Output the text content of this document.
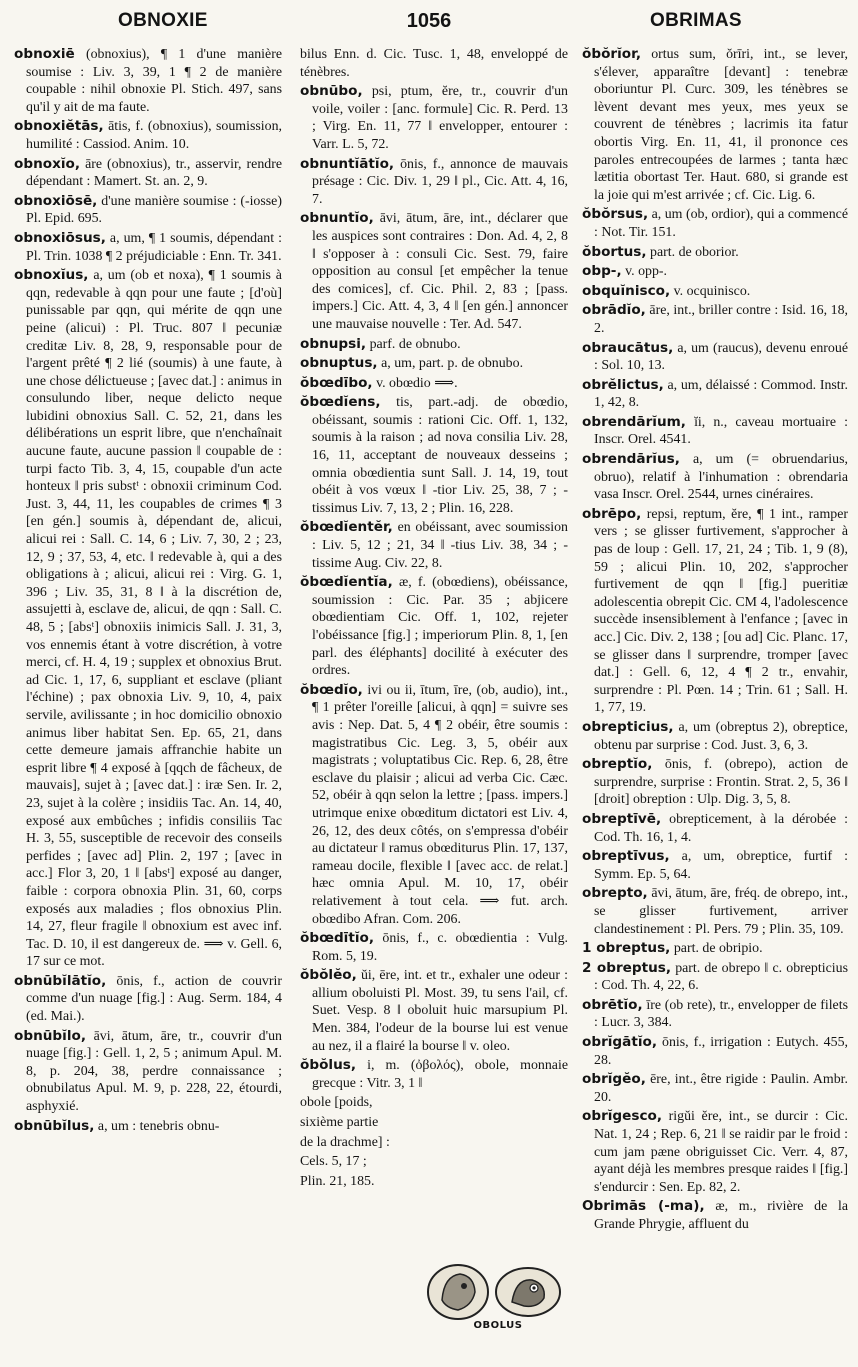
OBNOXIE	1056	OBRIMAS
obnoxiē (obnoxius), ¶ 1 d'une manière soumise : Liv. 3, 39, 1 ¶ 2 de manière coupable : nihil obnoxie Pl. Stich. 497, sans qu'il y ait de ma faute.
obnoxiĕtās, ātis, f. (obnoxius), soumission, humilité : Cassiod. Anim. 10.
obnoxĭo, āre (obnoxius), tr., asservir, rendre dépendant : Mamert. St. an. 2, 9.
obnoxiōsē, d'une manière soumise : (-iosse) Pl. Epid. 695.
obnoxiōsus, a, um, ¶ 1 soumis, dépendant : Pl. Trin. 1038 ¶ 2 préjudiciable : Enn. Tr. 341.
obnoxĭus, a, um (ob et noxa), ¶ 1 soumis à qqn, redevable à qqn pour une faute ; [d'où] punissable par qqn, qui mérite de qqn une peine (alicui) : Pl. Truc. 807 ‖ pecuniæ creditæ Liv. 8, 28, 9, responsable pour de l'argent prêté ¶ 2 lié (soumis) à une faute, à une chose délictueuse ; [avec dat.] : animus in consulundo liber, neque delicto neque lubidini obnoxius Sall. C. 52, 21, dans les délibérations un esprit libre, que n'enchaînait aucune faute, aucune passion ‖ coupable de : turpi facto Tib. 3, 4, 15, coupable d'un acte honteux ‖ pris substᵗ : obnoxii criminum Cod. Just. 3, 44, 11, les coupables de crimes ¶ 3 [en gén.] soumis à, dépendant de, alicui, alicui rei : Sall. C. 14, 6 ; Liv. 7, 30, 2 ; 23, 12, 9 ; 37, 53, 4, etc. ‖ redevable à, qui a des obligations à ; alicui, alicui rei : Virg. G. 1, 396 ; Liv. 35, 31, 8 ‖ à la discrétion de, assujetti à, esclave de, alicui, de qqn : Sall. C. 48, 5 ; [absᵗ] obnoxiis inimicis Sall. J. 31, 3, vos ennemis étant à votre discrétion, à votre merci, cf. H. 4, 19 ; supplex et obnoxius Brut. ad Cic. 1, 17, 6, suppliant et esclave (pliant l'échine) ; pax obnoxia Liv. 9, 10, 4, paix servile, avilissante ; in hoc domicilio obnoxio animus liber habitat Sen. Ep. 65, 21, dans cette demeure jamais affranchie habite un esprit libre ¶ 4 exposé à [qqch de fâcheux, de mauvais], sujet à ; [avec dat.] : iræ Sen. Ir. 2, 23, sujet à la colère ; insidiis Tac. An. 14, 40, exposé aux embûches ; infidis consiliis Tac H. 3, 55, susceptible de recevoir des conseils perfides ; [avec ad] Plin. 2, 197 ; [avec in acc.] Flor 3, 20, 1 ‖ [absᵗ] exposé au danger, faible : corpora obnoxia Plin. 31, 60, corps exposés aux maladies ; flos obnoxius Plin. 14, 27, fleur fragile ‖ obnoxium est avec inf. Tac. D. 10, il est dangereux de. ⟹ v. Gell. 6, 17 sur ce mot.
obnūbĭlātĭo, ōnis, f., action de couvrir comme d'un nuage [fig.] : Aug. Serm. 184, 4 (ed. Mai.).
obnūbĭlo, āvi, ātum, āre, tr., couvrir d'un nuage [fig.] : Gell. 1, 2, 5 ; animum Apul. M. 8, p. 204, 38, perdre connaissance ; obnubilatus Apul. M. 9, p. 228, 22, étourdi, asphyxié.
obnūbĭlus, a, um : tenebris obnu-
bilus Enn. d. Cic. Tusc. 1, 48, enveloppé de ténèbres.
obnūbo, psi, ptum, ĕre, tr., couvrir d'un voile, voiler : [anc. formule] Cic. R. Perd. 13 ; Virg. En. 11, 77 ‖ envelopper, entourer : Varr. L. 5, 72.
obnuntĭātĭo, ōnis, f., annonce de mauvais présage : Cic. Div. 1, 29 ‖ pl., Cic. Att. 4, 16, 7.
obnuntĭo, āvi, ātum, āre, int., déclarer que les auspices sont contraires : Don. Ad. 4, 2, 8 ‖ s'opposer à : consuli Cic. Sest. 79, faire opposition au consul [et empêcher la tenue des comices], cf. Cic. Phil. 2, 83 ; [pass. impers.] Cic. Att. 4, 3, 4 ‖ [en gén.] annoncer une mauvaise nouvelle : Ter. Ad. 547.
obnupsi, parf. de obnubo.
obnuptus, a, um, part. p. de obnubo.
ŏbœdībo, v. obœdio ⟹.
ŏbœdĭens, tis, part.-adj. de obœdio, obéissant, soumis : rationi Cic. Off. 1, 132, soumis à la raison ; ad nova consilia Liv. 28, 16, 11, acceptant de nouveaux desseins ; omnia obœdientia sunt Sall. J. 14, 19, tout obéit à vos vœux ‖ -tior Liv. 25, 38, 7 ; -tissimus Liv. 7, 13, 2 ; Plin. 16, 228.
ŏbœdĭentĕr, en obéissant, avec soumission : Liv. 5, 12 ; 21, 34 ‖ -tius Liv. 38, 34 ; -tissime Aug. Civ. 22, 8.
ŏbœdĭentĭa, æ, f. (obœdiens), obéissance, soumission : Cic. Par. 35 ; abjicere obœdientiam Cic. Off. 1, 102, rejeter l'obéissance [fig.] ; imperiorum Plin. 8, 1, [en parl. des éléphants] docilité à exécuter des ordres.
ŏbœdĭo, ivi ou ii, ītum, īre, (ob, audio), int., ¶ 1 prêter l'oreille [alicui, à qqn] = suivre ses avis : Nep. Dat. 5, 4 ¶ 2 obéir, être soumis : magistratibus Cic. Leg. 3, 5, obéir aux magistrats ; voluptatibus Cic. Rep. 6, 28, être esclave du plaisir ; alicui ad verba Cic. Cæc. 52, obéir à qqn selon la lettre ; [pass. impers.] utrimque enixe obœditum dictatori est Liv. 4, 26, 12, des deux côtés, on s'empressa d'obéir au dictateur ‖ ramus obœditurus Plin. 17, 137, rameau docile, flexible ‖ [avec acc. de relat.] hæc omnia Apul. M. 10, 17, obéir relativement à tout cela. ⟹ fut. arch. obœdibo Afran. Com. 206.
ŏbœdītĭo, ōnis, f., c. obœdientia : Vulg. Rom. 5, 19.
ŏbŏlĕo, ŭi, ēre, int. et tr., exhaler une odeur : allium oboluisti Pl. Most. 39, tu sens l'ail, cf. Suet. Vesp. 8 ‖ oboluit huic marsupium Pl. Men. 384, l'odeur de la bourse lui est venue au nez, il a flairé la bourse ‖ v. oleo.
ŏbŏlus, i, m. (ὀβολός), obole, monnaie grecque : Vitr. 3, 1 ‖
obole [poids,
sixième partie
de la drachme] :
Cels. 5, 17 ;
Plin. 21, 185.
ŏbŏrĭor, ortus sum, ŏrīri, int., se lever, s'élever, apparaître [devant] : tenebræ oboriuntur Pl. Curc. 309, les ténèbres se lèvent devant mes yeux, mes yeux se couvrent de ténèbres ; lacrimis ita fatur obortis Virg. En. 11, 41, il prononce ces paroles entrecoupées de larmes ; tanta hæc lætitia obortast Ter. Haut. 680, si grande est la joie qui m'est arrivée ; cf. Cic. Lig. 6.
ŏbŏrsus, a, um (ob, ordior), qui a commencé : Not. Tir. 151.
ŏbortus, part. de oborior.
obp-, v. opp-.
obquĭnisco, v. ocquinisco.
obrādĭo, āre, int., briller contre : Isid. 16, 18, 2.
obraucātus, a, um (raucus), devenu enroué : Sol. 10, 13.
obrĕlictus, a, um, délaissé : Commod. Instr. 1, 42, 8.
obrendārĭum, ĭi, n., caveau mortuaire : Inscr. Orel. 4541.
obrendārĭus, a, um (= obruendarius, obruo), relatif à l'inhumation : obrendaria vasa Inscr. Orel. 2544, urnes cinéraires.
obrēpo, repsi, reptum, ĕre, ¶ 1 int., ramper vers ; se glisser furtivement, s'approcher à pas de loup : Gell. 17, 21, 24 ; Tib. 1, 9 (8), 59 ; alicui Plin. 10, 202, s'approcher furtivement de qqn ‖ [fig.] pueritiæ adolescentia obrepit Cic. CM 4, l'adolescence succède insensiblement à l'enfance ; [avec in acc.] Cic. Div. 2, 138 ; [ou ad] Cic. Planc. 17, se glisser dans ‖ surprendre, tromper [avec dat.] : Gell. 6, 12, 4 ¶ 2 tr., envahir, surprendre : Pl. Pœn. 14 ; Trin. 61 ; Sall. H. 1, 77, 19.
obrepticius, a, um (obreptus 2), obreptice, obtenu par surprise : Cod. Just. 3, 6, 3.
obreptĭo, ōnis, f. (obrepo), action de surprendre, surprise : Frontin. Strat. 2, 5, 36 ‖ [droit] obreption : Ulp. Dig. 3, 5, 8.
obreptīvē, obrepticement, à la dérobée : Cod. Th. 16, 1, 4.
obreptīvus, a, um, obreptice, furtif : Symm. Ep. 5, 64.
obrepto, āvi, ātum, āre, fréq. de obrepo, int., se glisser furtivement, arriver clandestinement : Pl. Pers. 79 ; Plin. 35, 109.
1 obreptus, part. de obripio.
2 obreptus, part. de obrepo ‖ c. obrepticius : Cod. Th. 4, 22, 6.
obrētĭo, īre (ob rete), tr., envelopper de filets : Lucr. 3, 384.
obrĭgātĭo, ōnis, f., irrigation : Eutych. 455, 28.
obrĭgĕo, ēre, int., être rigide : Paulin. Ambr. 20.
obrĭgesco, rigŭi ĕre, int., se durcir : Cic. Nat. 1, 24 ; Rep. 6, 21 ‖ se raidir par le froid : cum jam pæne obriguisset Cic. Verr. 4, 87, ayant déjà les membres presque raides ‖ [fig.] s'endurcir : Sen. Ep. 82, 2.
Obrimās (-ma), æ, m., rivière de la Grande Phrygie, affluent du
OBOLUS
